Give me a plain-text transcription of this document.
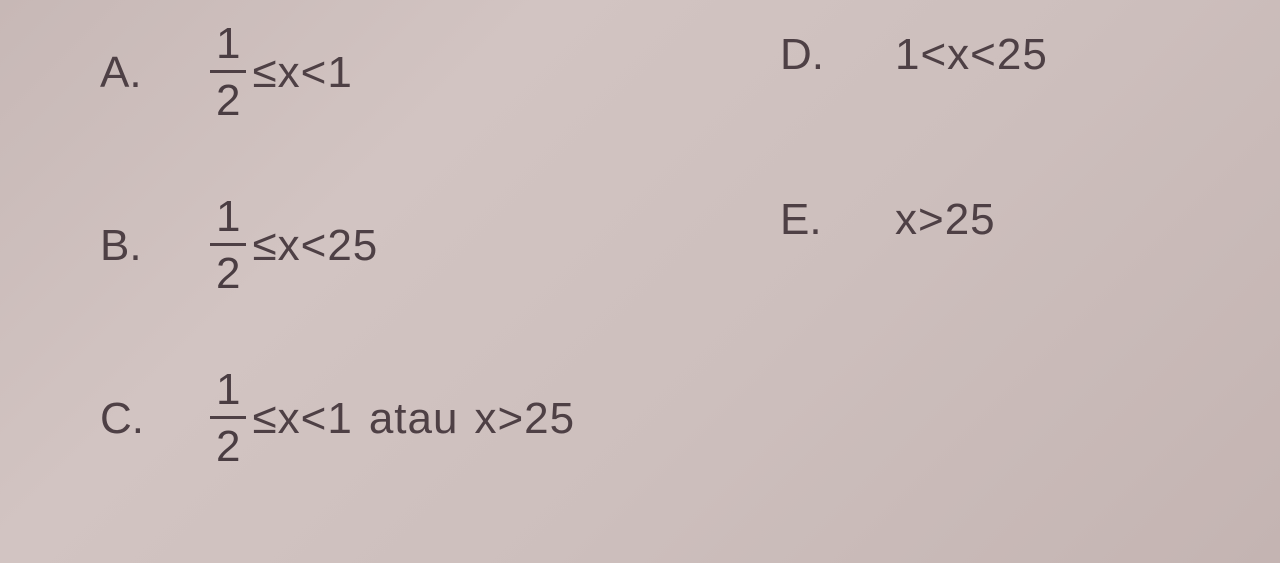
A.	$\frac{1}{2} \le x<1$	D.	1<x<25
B.	$\frac{1}{2} \le x<25$
E.	x>25
C.	$\frac{1}{2} \le x<1$ atau x>25
